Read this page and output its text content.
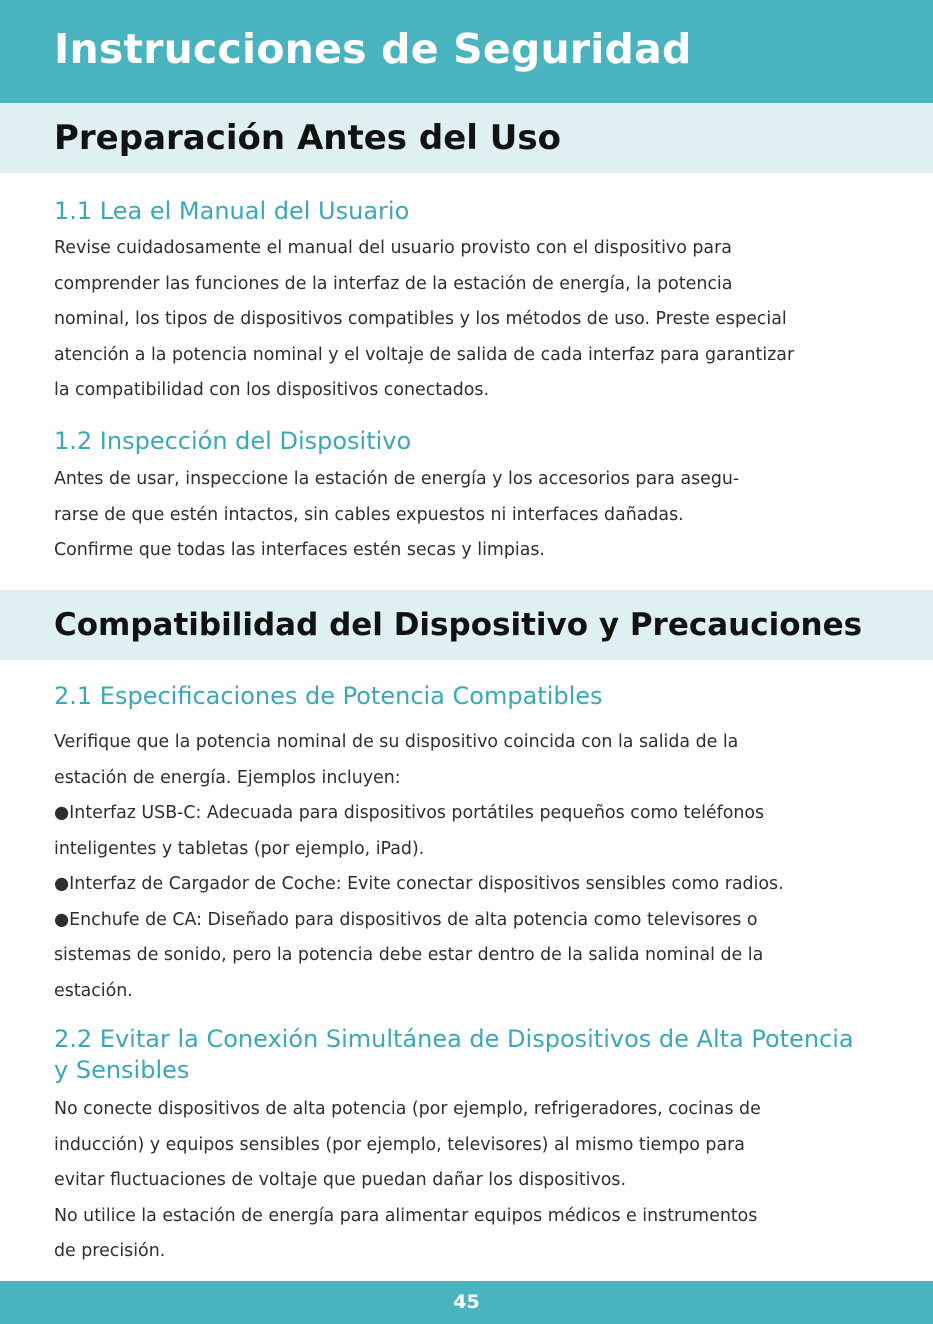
Instrucciones de Seguridad
Preparación Antes del Uso
1.1 Lea el Manual del Usuario
Revise cuidadosamente el manual del usuario provisto con el dispositivo para
comprender las funciones de la interfaz de la estación de energía, la potencia
nominal, los tipos de dispositivos compatibles y los métodos de uso. Preste especial
atención a la potencia nominal y el voltaje de salida de cada interfaz para garantizar
la compatibilidad con los dispositivos conectados.
1.2 Inspección del Dispositivo
Antes de usar, inspeccione la estación de energía y los accesorios para asegu-
rarse de que estén intactos, sin cables expuestos ni interfaces dañadas.
Confirme que todas las interfaces estén secas y limpias.
Compatibilidad del Dispositivo y Precauciones
2.1 Especificaciones de Potencia Compatibles
Verifique que la potencia nominal de su dispositivo coincida con la salida de la
estación de energía. Ejemplos incluyen:
●Interfaz USB-C: Adecuada para dispositivos portátiles pequeños como teléfonos
inteligentes y tabletas (por ejemplo, iPad).
●Interfaz de Cargador de Coche: Evite conectar dispositivos sensibles como radios.
●Enchufe de CA: Diseñado para dispositivos de alta potencia como televisores o
sistemas de sonido, pero la potencia debe estar dentro de la salida nominal de la
estación.
2.2 Evitar la Conexión Simultánea de Dispositivos de Alta Potencia y Sensibles
No conecte dispositivos de alta potencia (por ejemplo, refrigeradores, cocinas de
inducción) y equipos sensibles (por ejemplo, televisores) al mismo tiempo para
evitar fluctuaciones de voltaje que puedan dañar los dispositivos.
No utilice la estación de energía para alimentar equipos médicos e instrumentos
de precisión.
45
